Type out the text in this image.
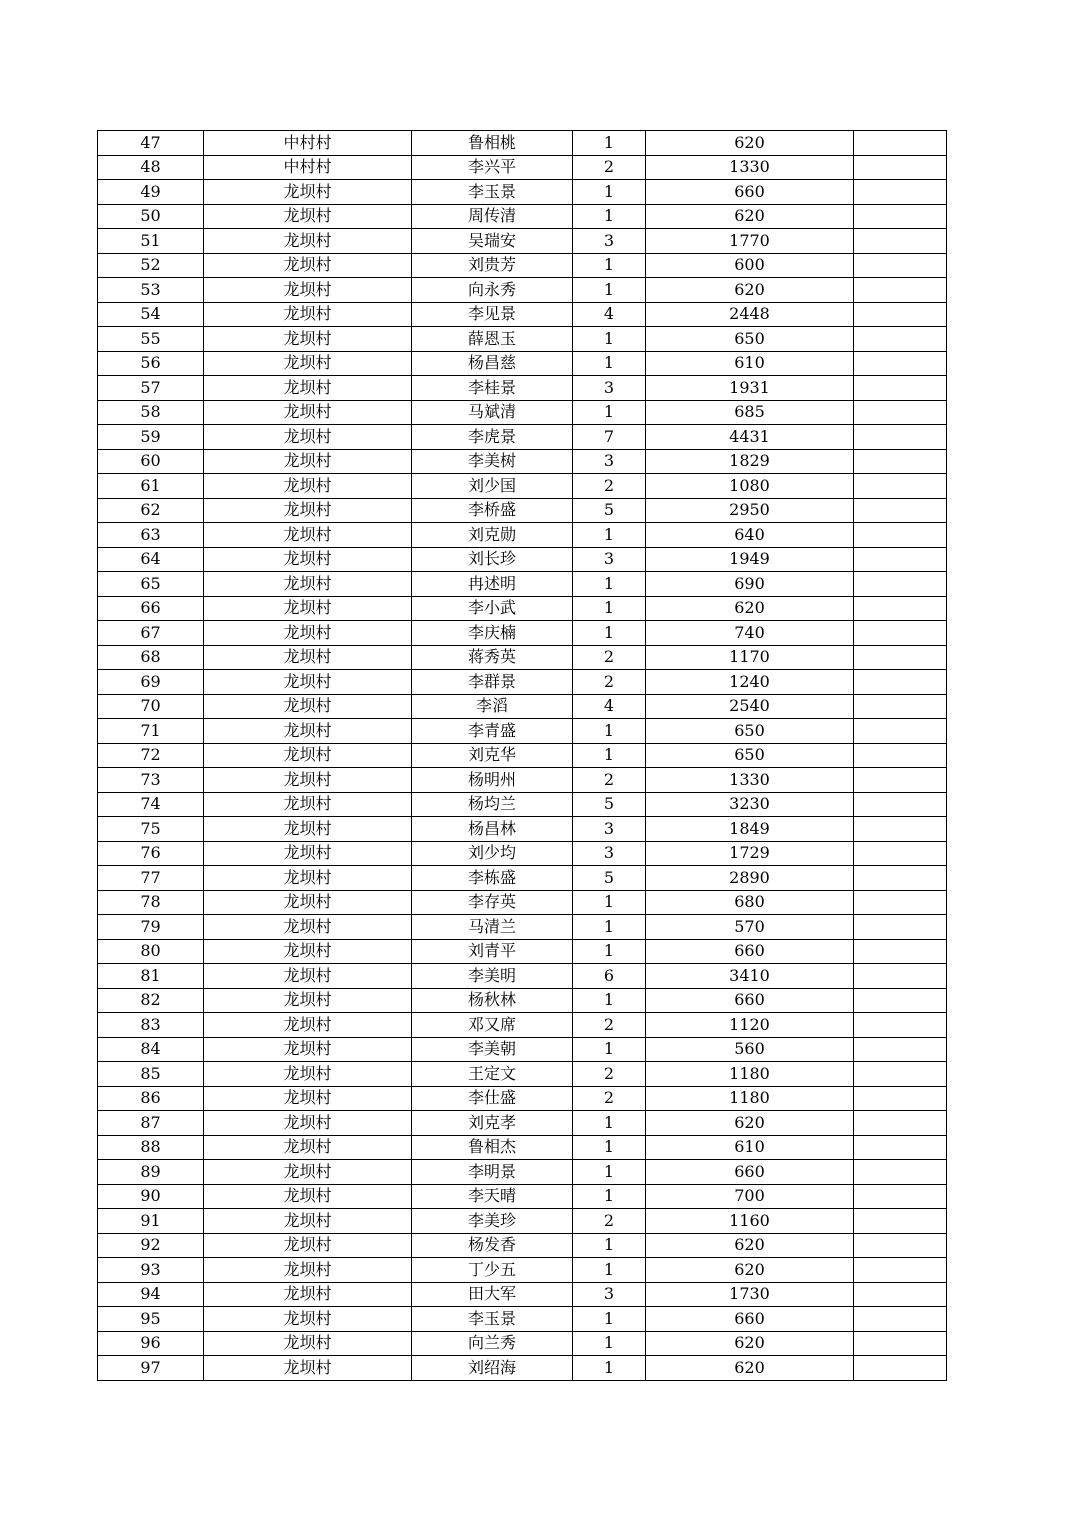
47	中村村	鲁相桃	1	620	
48	中村村	李兴平	2	1330	
49	龙坝村	李玉景	1	660	
50	龙坝村	周传清	1	620	
51	龙坝村	吴瑞安	3	1770	
52	龙坝村	刘贵芳	1	600	
53	龙坝村	向永秀	1	620	
54	龙坝村	李见景	4	2448	
55	龙坝村	薛恩玉	1	650	
56	龙坝村	杨昌慈	1	610	
57	龙坝村	李桂景	3	1931	
58	龙坝村	马斌清	1	685	
59	龙坝村	李虎景	7	4431	
60	龙坝村	李美树	3	1829	
61	龙坝村	刘少国	2	1080	
62	龙坝村	李桥盛	5	2950	
63	龙坝村	刘克勋	1	640	
64	龙坝村	刘长珍	3	1949	
65	龙坝村	冉述明	1	690	
66	龙坝村	李小武	1	620	
67	龙坝村	李庆楠	1	740	
68	龙坝村	蒋秀英	2	1170	
69	龙坝村	李群景	2	1240	
70	龙坝村	李滔	4	2540	
71	龙坝村	李青盛	1	650	
72	龙坝村	刘克华	1	650	
73	龙坝村	杨明州	2	1330	
74	龙坝村	杨均兰	5	3230	
75	龙坝村	杨昌林	3	1849	
76	龙坝村	刘少均	3	1729	
77	龙坝村	李栋盛	5	2890	
78	龙坝村	李存英	1	680	
79	龙坝村	马清兰	1	570	
80	龙坝村	刘青平	1	660	
81	龙坝村	李美明	6	3410	
82	龙坝村	杨秋林	1	660	
83	龙坝村	邓又席	2	1120	
84	龙坝村	李美朝	1	560	
85	龙坝村	王定文	2	1180	
86	龙坝村	李仕盛	2	1180	
87	龙坝村	刘克孝	1	620	
88	龙坝村	鲁相杰	1	610	
89	龙坝村	李明景	1	660	
90	龙坝村	李天晴	1	700	
91	龙坝村	李美珍	2	1160	
92	龙坝村	杨发香	1	620	
93	龙坝村	丁少五	1	620	
94	龙坝村	田大军	3	1730	
95	龙坝村	李玉景	1	660	
96	龙坝村	向兰秀	1	620	
97	龙坝村	刘绍海	1	620	
